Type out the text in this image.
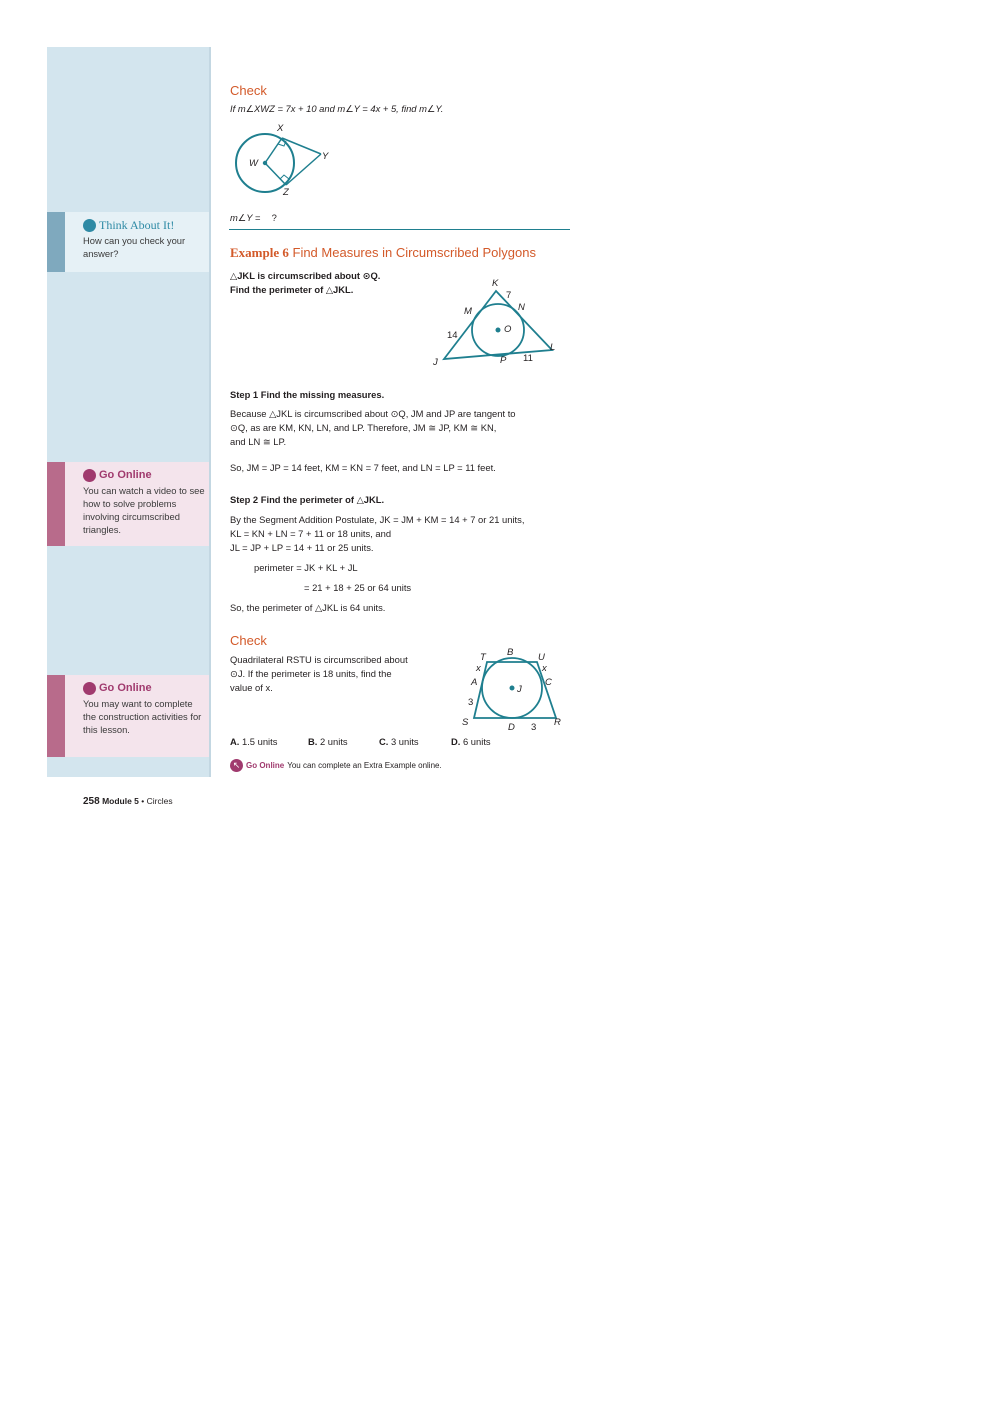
? Think About It!
How can you check your answer?
↖ Go Online
You can watch a video to see how to solve problems involving circumscribed triangles.
↖ Go Online
You may want to complete the construction activities for this lesson.
Check
If m∠XWZ = 7x + 10 and m∠Y = 4x + 5, find m∠Y.
X
W
Y
Z
m∠Y = ?
Example 6 Find Measures in Circumscribed Polygons
△JKL is circumscribed about ⊙Q.
Find the perimeter of △JKL.
K
7
M	N
O
14
L
J	P 11
Step 1 Find the missing measures.
Because △JKL is circumscribed about ⊙Q, JM and JP are tangent to
⊙Q, as are KM, KN, LN, and LP. Therefore, JM ≅ JP, KM ≅ KN,
and LN ≅ LP.
So, JM = JP = 14 feet, KM = KN = 7 feet, and LN = LP = 11 feet.
Step 2 Find the perimeter of △JKL.
By the Segment Addition Postulate, JK = JM + KM = 14 + 7 or 21 units,
KL = KN + LN = 7 + 11 or 18 units, and
JL = JP + LP = 14 + 11 or 25 units.
perimeter = JK + KL + JL
= 21 + 18 + 25 or 64 units
So, the perimeter of △JKL is 64 units.
Check
Quadrilateral RSTU is circumscribed about
⊙J. If the perimeter is 18 units, find the
value of x.
T B	U
x	x
A	C
J
3
S	D 3 R
A. 1.5 units	B. 2 units	C. 3 units	D. 6 units
↖ Go Online You can complete an Extra Example online.
258 Module 5 • Circles
